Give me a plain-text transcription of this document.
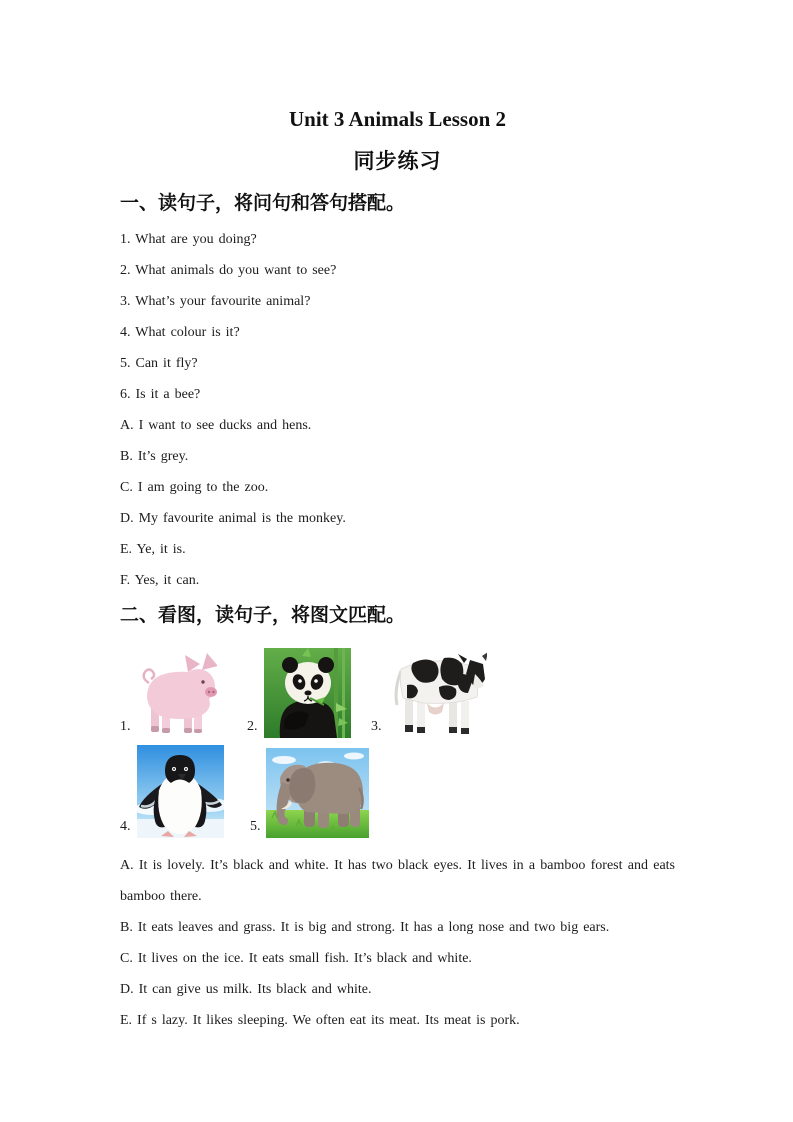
Unit 3 Animals Lesson 2
同步练习
一、读句子，将问句和答句搭配。

1. What are you doing?

2. What animals do you want to see?

3. What’s your favourite animal?

4. What colour is it?

5. Can it fly?

6. Is it a bee?

A. I want to see ducks and hens.

B. It’s grey.

C. I am going to the zoo.

D. My favourite animal is the monkey.

E. Ye, it is.

F. Yes, it can.

二、看图，读句子，将图文匹配。
1.	2.	3.
4.	5.

A. It is lovely. It’s black and white. It has two black eyes. It lives in a bamboo forest and eats bamboo there.

B. It eats leaves and grass. It is big and strong. It has a long nose and two big ears.

C. It lives on the ice. It eats small fish. It’s black and white.

D. It can give us milk. Its black and white.

E. If s lazy. It likes sleeping. We often eat its meat. Its meat is pork.
